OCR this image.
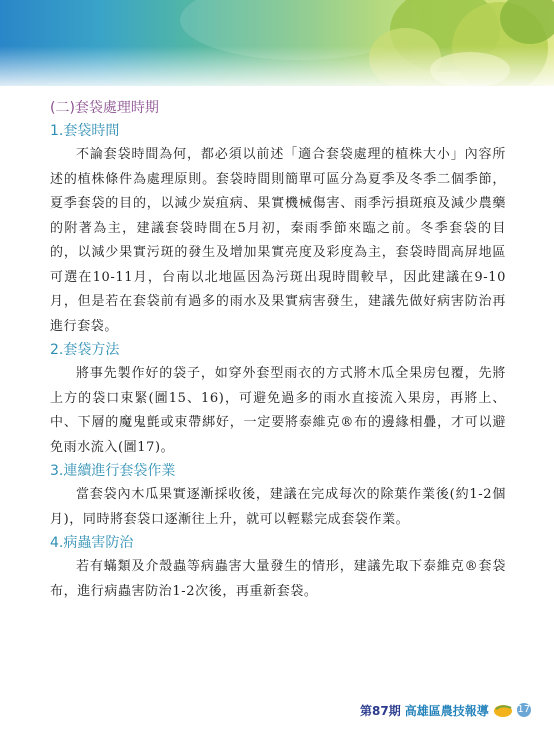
(二)套袋處理時期
1.套袋時間

不論套袋時間為何，都必須以前述「適合套袋處理的植株大小」內容所述的植株條件為處理原則。套袋時間則簡單可區分為夏季及冬季二個季節，夏季套袋的目的，以減少炭疽病、果實機械傷害、雨季污損斑痕及減少農藥的附著為主，建議套袋時間在5月初，秦雨季節來臨之前。冬季套袋的目的，以減少果實污斑的發生及增加果實亮度及彩度為主，套袋時間高屏地區可選在10-11月，台南以北地區因為污斑出現時間較早，因此建議在9-10月，但是若在套袋前有過多的雨水及果實病害發生，建議先做好病害防治再進行套袋。

2.套袋方法

將事先製作好的袋子，如穿外套型雨衣的方式將木瓜全果房包覆，先將上方的袋口束緊(圖15、16)，可避免過多的雨水直接流入果房，再將上、中、下層的魔鬼氈或束帶綁好，一定要將泰維克®布的邊緣相疊，才可以避免雨水流入(圖17)。

3.連續進行套袋作業

當套袋內木瓜果實逐漸採收後，建議在完成每次的除葉作業後(約1-2個月)，同時將套袋口逐漸往上升，就可以輕鬆完成套袋作業。

4.病蟲害防治

若有蟎類及介殼蟲等病蟲害大量發生的情形，建議先取下泰維克®套袋布，進行病蟲害防治1-2次後，再重新套袋。

第87期 高雄區農技報導	17
